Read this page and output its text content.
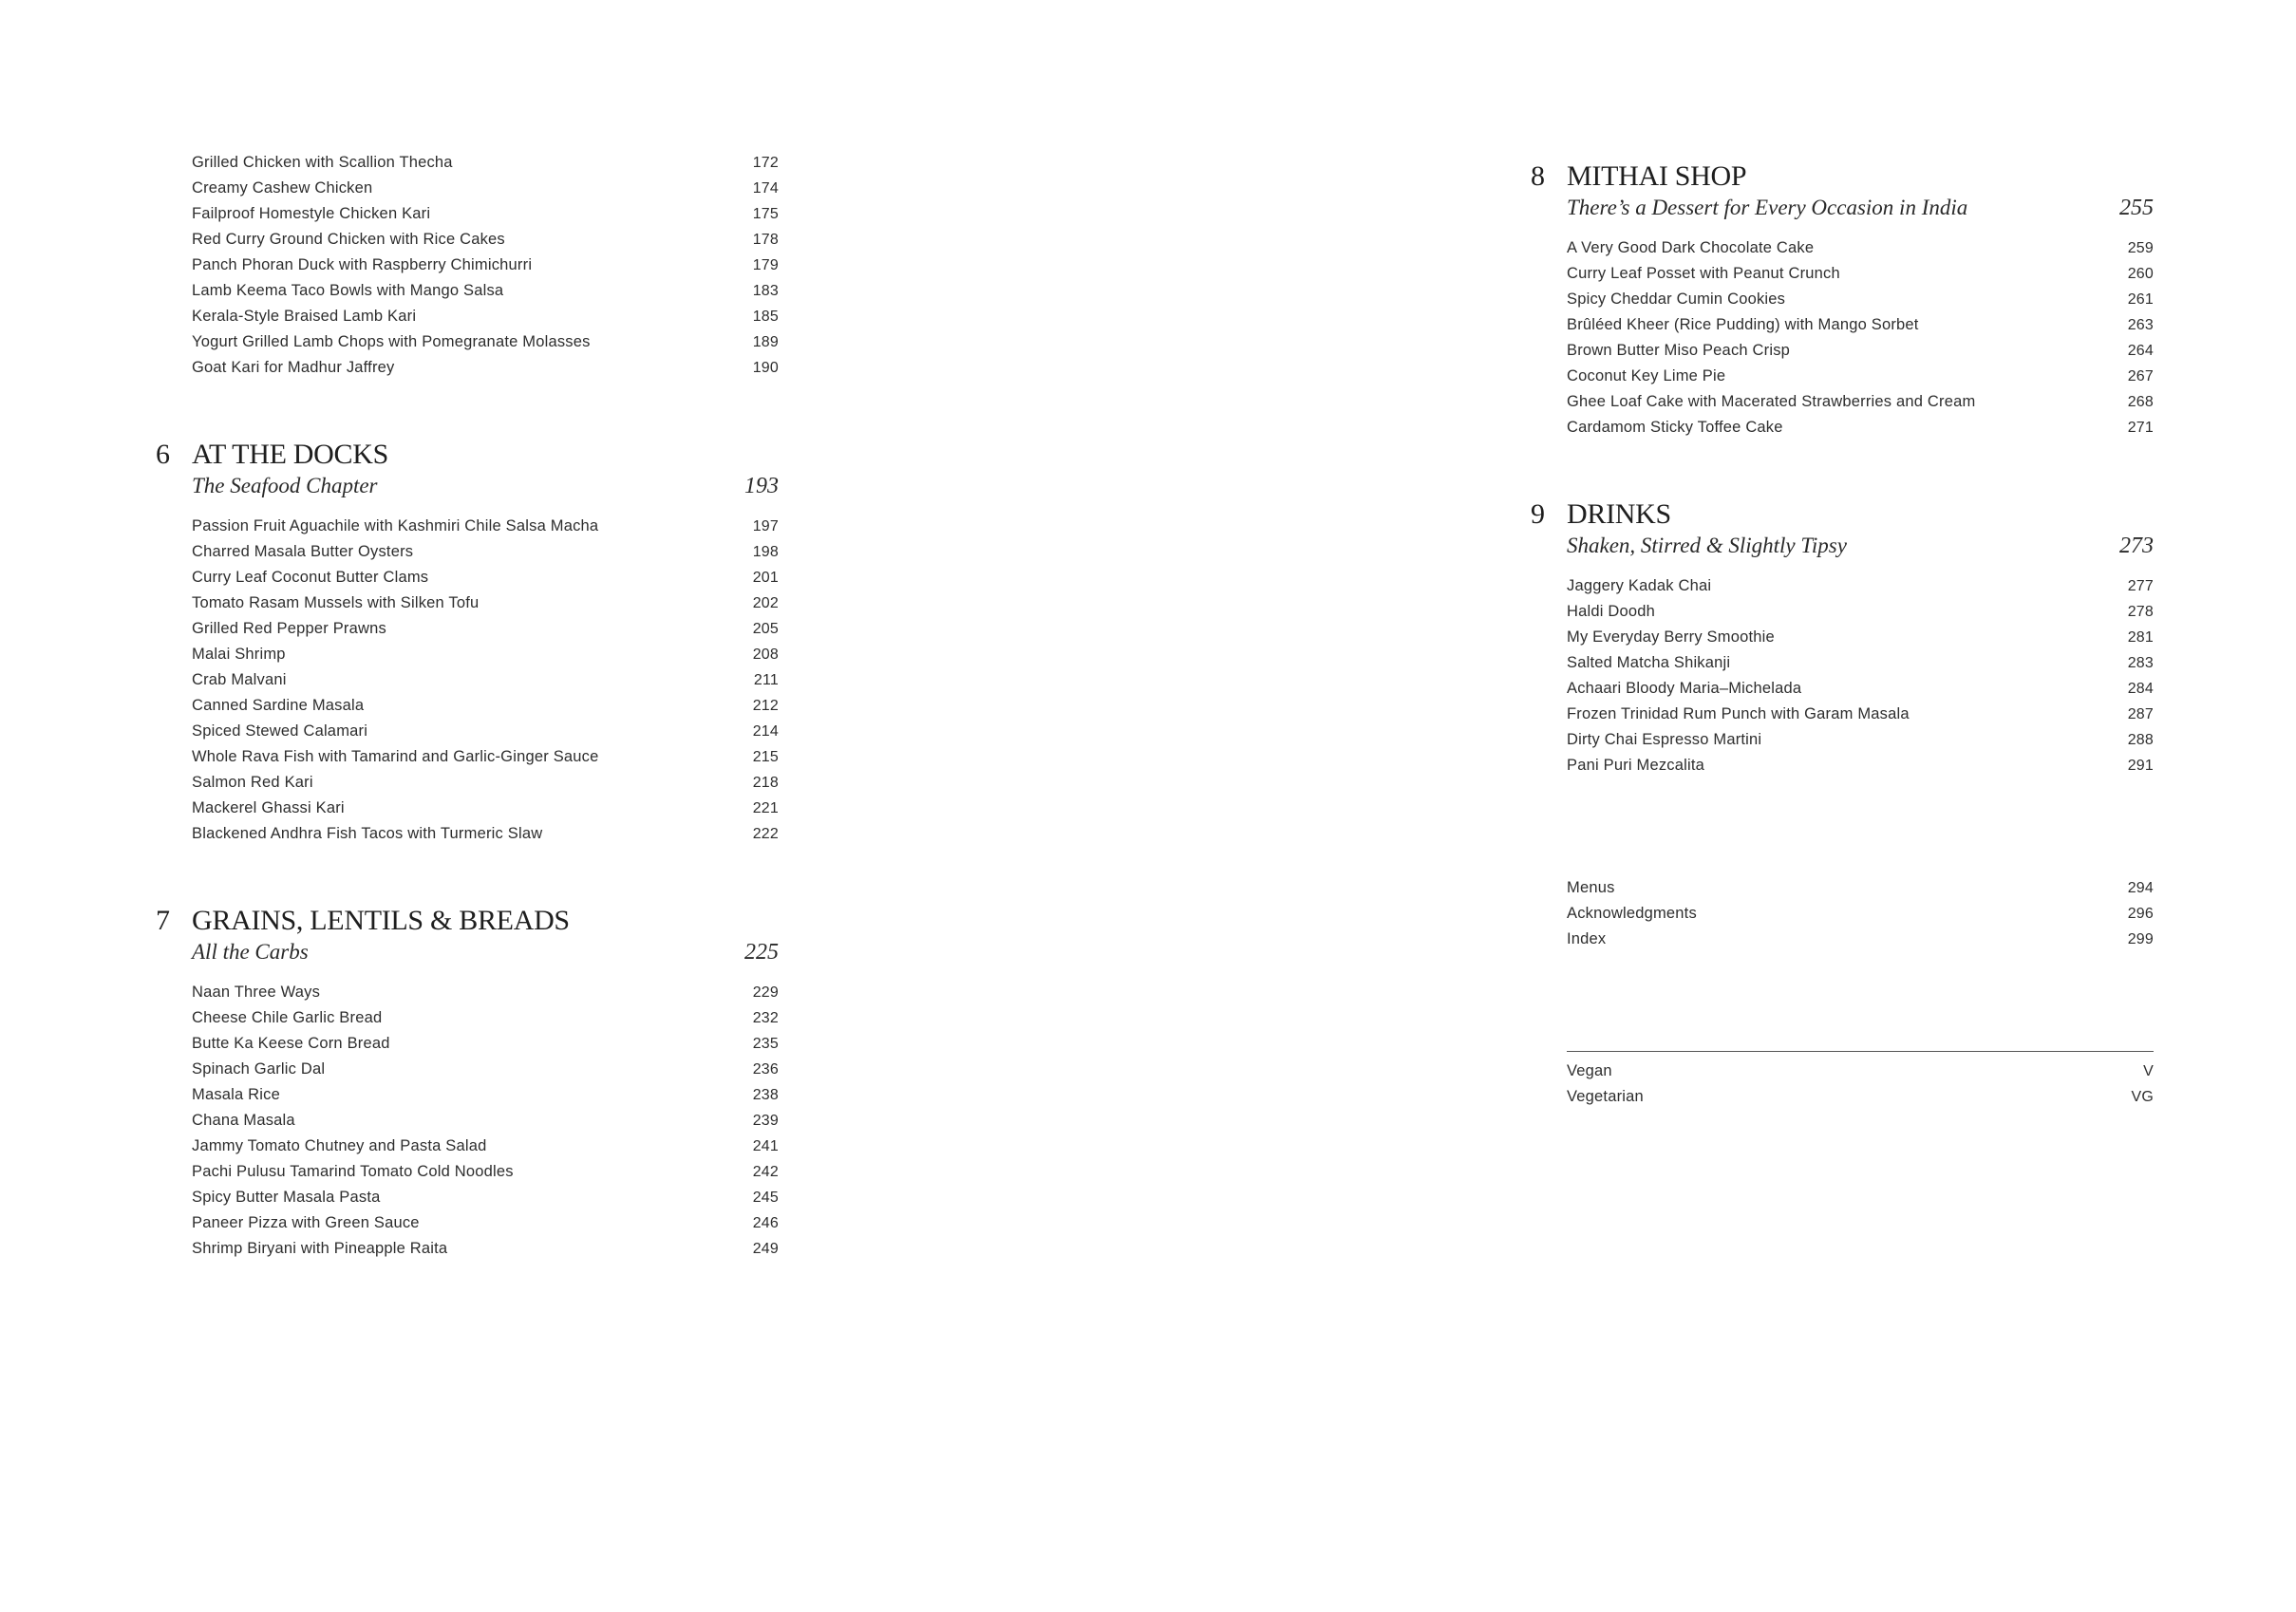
Grilled Chicken with Scallion Thecha	172
Creamy Cashew Chicken	174
Failproof Homestyle Chicken Kari	175
Red Curry Ground Chicken with Rice Cakes	178
Panch Phoran Duck with Raspberry Chimichurri	179
Lamb Keema Taco Bowls with Mango Salsa	183
Kerala-Style Braised Lamb Kari	185
Yogurt Grilled Lamb Chops with Pomegranate Molasses	189
Goat Kari for Madhur Jaffrey	190
6 AT THE DOCKS
The Seafood Chapter	193
Passion Fruit Aguachile with Kashmiri Chile Salsa Macha	197
Charred Masala Butter Oysters	198
Curry Leaf Coconut Butter Clams	201
Tomato Rasam Mussels with Silken Tofu	202
Grilled Red Pepper Prawns	205
Malai Shrimp	208
Crab Malvani	211
Canned Sardine Masala	212
Spiced Stewed Calamari	214
Whole Rava Fish with Tamarind and Garlic-Ginger Sauce	215
Salmon Red Kari	218
Mackerel Ghassi Kari	221
Blackened Andhra Fish Tacos with Turmeric Slaw	222
7 GRAINS, LENTILS & BREADS
All the Carbs	225
Naan Three Ways	229
Cheese Chile Garlic Bread	232
Butte Ka Keese Corn Bread	235
Spinach Garlic Dal	236
Masala Rice	238
Chana Masala	239
Jammy Tomato Chutney and Pasta Salad	241
Pachi Pulusu Tamarind Tomato Cold Noodles	242
Spicy Butter Masala Pasta	245
Paneer Pizza with Green Sauce	246
Shrimp Biryani with Pineapple Raita	249
8 MITHAI SHOP
There’s a Dessert for Every Occasion in India	255
A Very Good Dark Chocolate Cake	259
Curry Leaf Posset with Peanut Crunch	260
Spicy Cheddar Cumin Cookies	261
Brûléed Kheer (Rice Pudding) with Mango Sorbet	263
Brown Butter Miso Peach Crisp	264
Coconut Key Lime Pie	267
Ghee Loaf Cake with Macerated Strawberries and Cream	268
Cardamom Sticky Toffee Cake	271
9 DRINKS
Shaken, Stirred & Slightly Tipsy	273
Jaggery Kadak Chai	277
Haldi Doodh	278
My Everyday Berry Smoothie	281
Salted Matcha Shikanji	283
Achaari Bloody Maria–Michelada	284
Frozen Trinidad Rum Punch with Garam Masala	287
Dirty Chai Espresso Martini	288
Pani Puri Mezcalita	291
Menus	294
Acknowledgments	296
Index	299
Vegan	V
Vegetarian	VG
